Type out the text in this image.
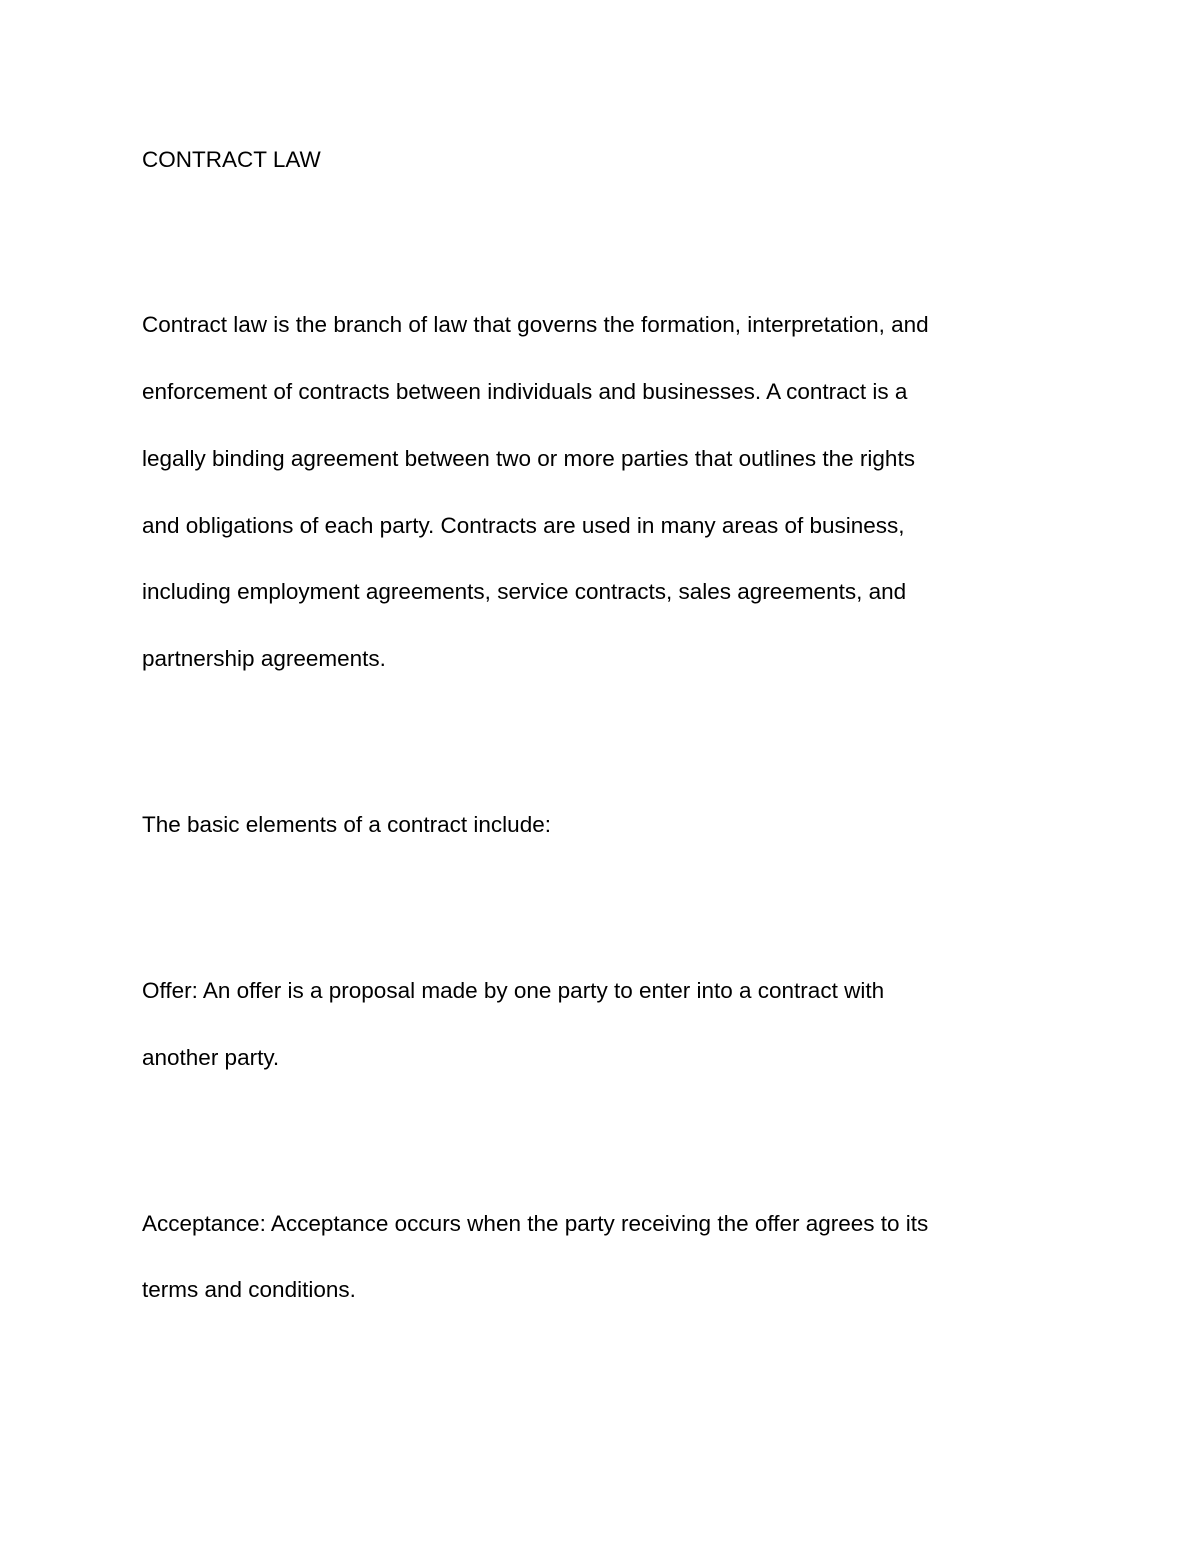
CONTRACT LAW
Contract law is the branch of law that governs the formation, interpretation, and
enforcement of contracts between individuals and businesses. A contract is a
legally binding agreement between two or more parties that outlines the rights
and obligations of each party. Contracts are used in many areas of business,
including employment agreements, service contracts, sales agreements, and
partnership agreements.
The basic elements of a contract include:
Offer: An offer is a proposal made by one party to enter into a contract with
another party.
Acceptance: Acceptance occurs when the party receiving the offer agrees to its
terms and conditions.
